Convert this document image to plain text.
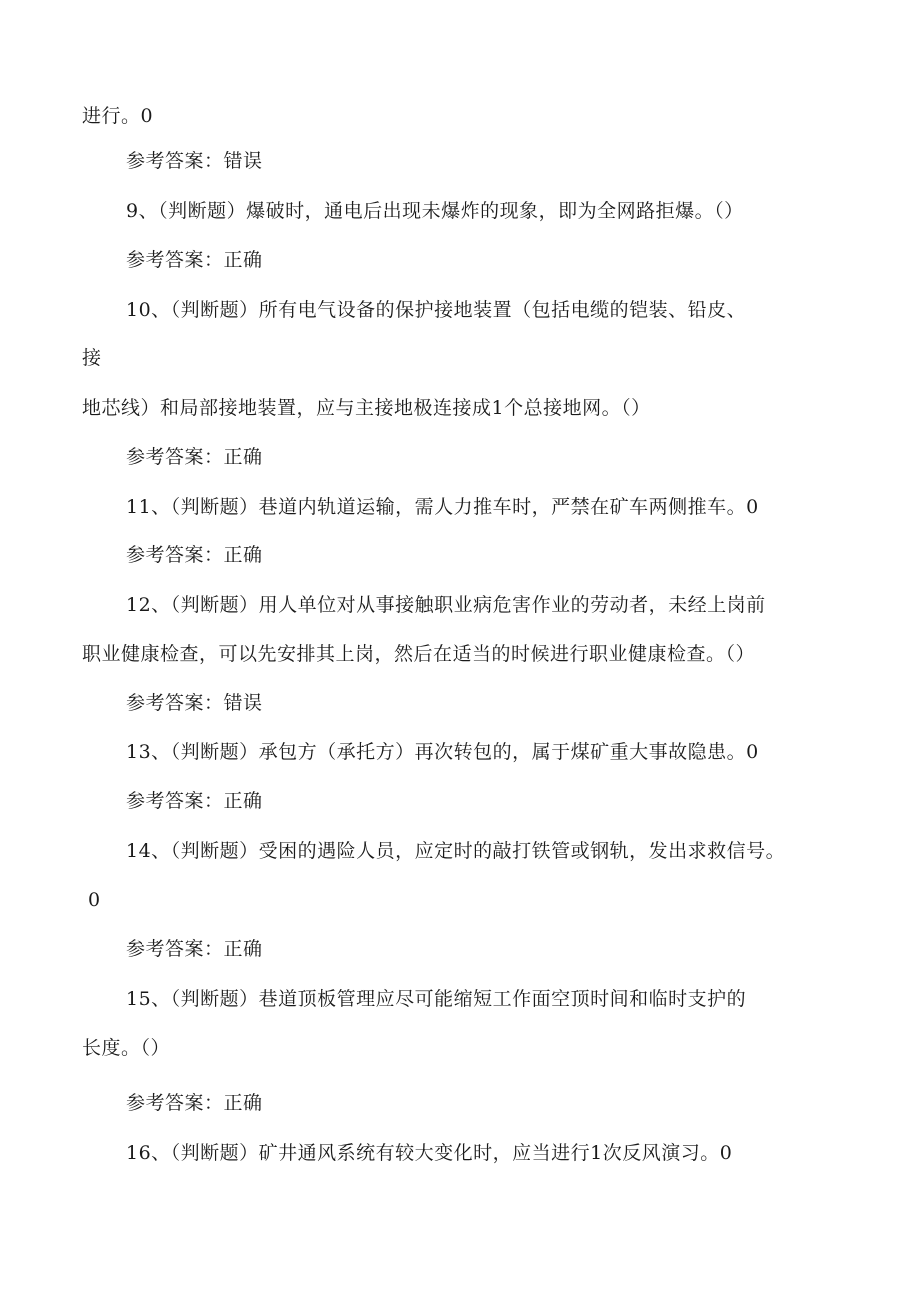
进行。0
参考答案：错误
9、（判断题）爆破时，通电后出现未爆炸的现象，即为全网路拒爆。（）
参考答案：正确
10、（判断题）所有电气设备的保护接地装置（包括电缆的铠装、铅皮、
接
地芯线）和局部接地装置，应与主接地极连接成1个总接地网。（）
参考答案：正确
11、（判断题）巷道内轨道运输，需人力推车时，严禁在矿车两侧推车。0
参考答案：正确
12、（判断题）用人单位对从事接触职业病危害作业的劳动者，未经上岗前
职业健康检查，可以先安排其上岗，然后在适当的时候进行职业健康检查。（）
参考答案：错误
13、（判断题）承包方（承托方）再次转包的，属于煤矿重大事故隐患。0
参考答案：正确
14、（判断题）受困的遇险人员，应定时的敲打铁管或钢轨，发出求救信号。
0
参考答案：正确
15、（判断题）巷道顶板管理应尽可能缩短工作面空顶时间和临时支护的
长度。（）
参考答案：正确
16、（判断题）矿井通风系统有较大变化时，应当进行1次反风演习。0
